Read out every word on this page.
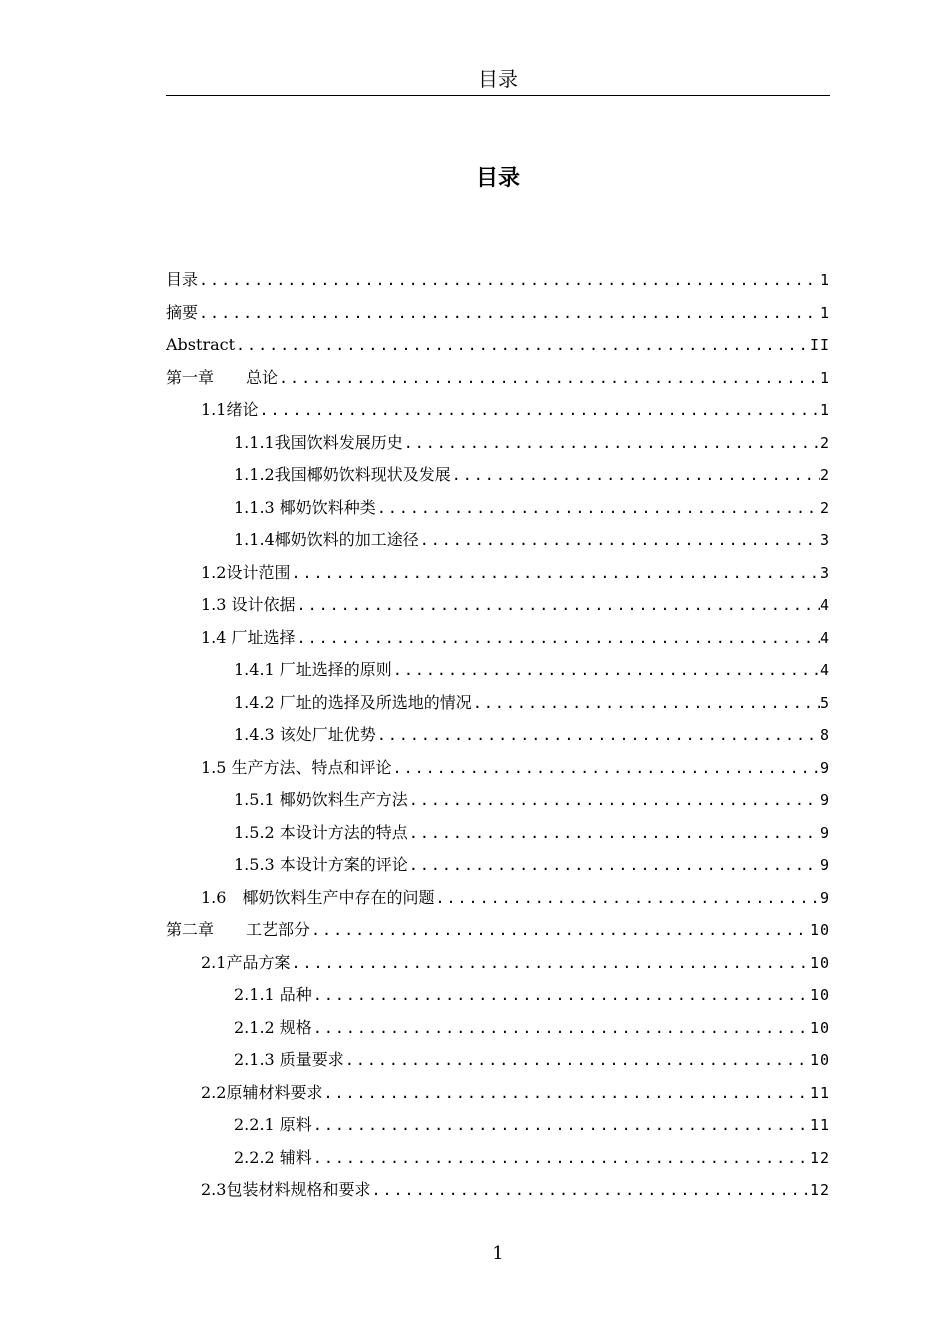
目录
目录
目录 .....	1
摘要 .....	1
Abstract .....	II
第一章　　总论 .....	1
1.1绪论 .....	1
1.1.1我国饮料发展历史 .....	2
1.1.2我国椰奶饮料现状及发展 .....	2
1.1.3 椰奶饮料种类 .....	2
1.1.4椰奶饮料的加工途径 .....	3
1.2设计范围 .....	3
1.3 设计依据 .....	4
1.4 厂址选择 .....	4
1.4.1 厂址选择的原则 .....	4
1.4.2 厂址的选择及所选地的情况 .....	5
1.4.3 该处厂址优势 .....	8
1.5 生产方法、特点和评论 .....	9
1.5.1 椰奶饮料生产方法 .....	9
1.5.2 本设计方法的特点 .....	9
1.5.3 本设计方案的评论 .....	9
1.6　椰奶饮料生产中存在的问题 .....	9
第二章　　工艺部分 .....	10
2.1产品方案 .....	10
2.1.1 品种 .....	10
2.1.2 规格 .....	10
2.1.3 质量要求 .....	10
2.2原辅材料要求 .....	11
2.2.1 原料 .....	11
2.2.2 辅料 .....	12
2.3包装材料规格和要求 .....	12
1
